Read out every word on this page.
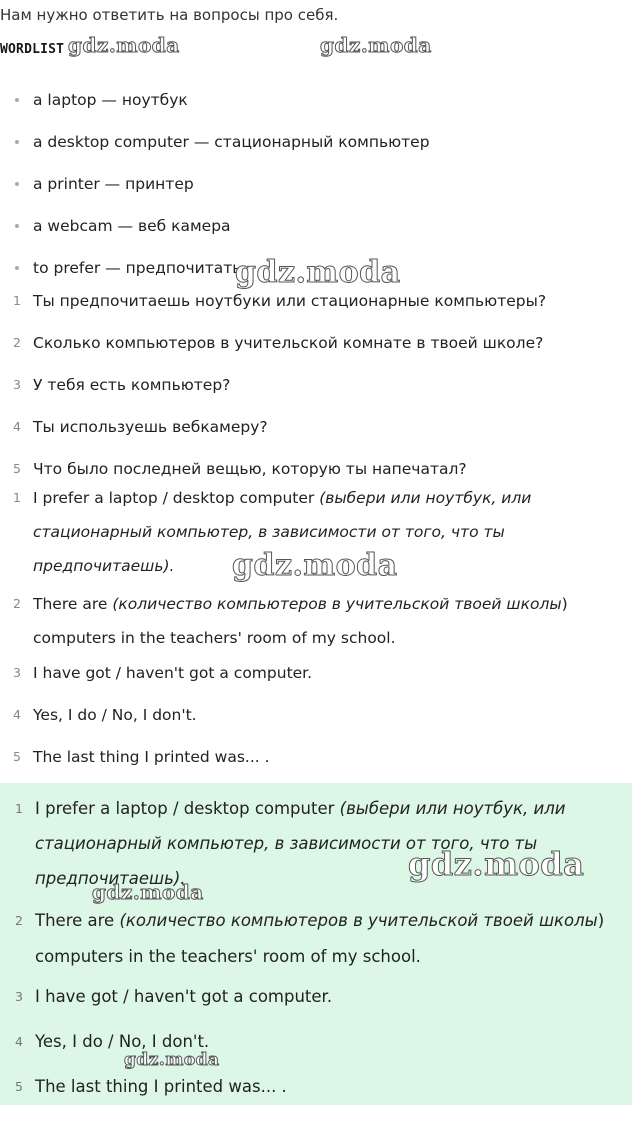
Нам нужно ответить на вопросы про себя.
WORDLIST gdz.moda	gdz.moda
a laptop — ноутбук
a desktop computer — стационарный компьютер
a printer — принтер
a webcam — веб камера
to prefer — предпочитать
gdz.moda
1 Ты предпочитаешь ноутбуки или стационарные компьютеры?
2 Сколько компьютеров в учительской комнате в твоей школе?
3 У тебя есть компьютер?
4 Ты используешь вебкамеру?
5 Что было последней вещью, которую ты напечатал?
1 I prefer a laptop / desktop computer (выбери или ноутбук, или стационарный компьютер, в зависимости от того, что ты предпочитаешь).
2 There are (количество компьютеров в учительской твоей школы) computers in the teachers' room of my school.
3 I have got / haven't got a computer.
4 Yes, I do / No, I don't.
5 The last thing I printed was... .
gdz.moda
1 I prefer a laptop / desktop computer (выбери или ноутбук, или стационарный компьютер, в зависимости от того, что ты предпочитаешь).
2 There are (количество компьютеров в учительской твоей школы) computers in the teachers' room of my school.
3 I have got / haven't got a computer.
4 Yes, I do / No, I don't.
5 The last thing I printed was... .
gdz.moda
gdz.moda
gdz.moda
